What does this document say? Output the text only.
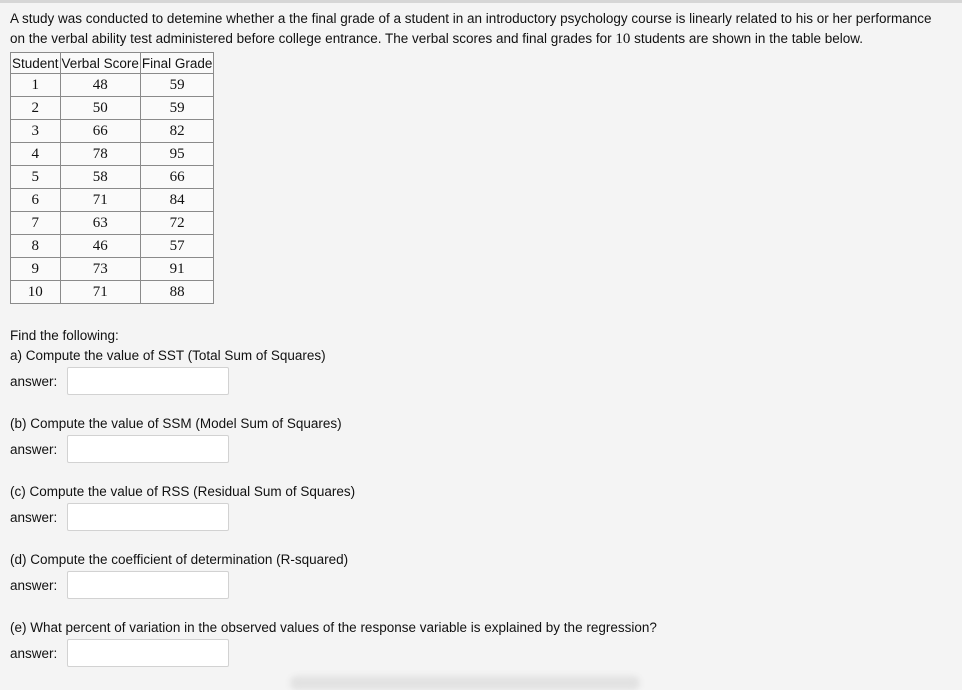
A study was conducted to detemine whether a the final grade of a student in an introductory psychology course is linearly related to his or her performance on the verbal ability test administered before college entrance. The verbal scores and final grades for 10 students are shown in the table below.

Student	Verbal Score	Final Grade
1	48	59
2	50	59
3	66	82
4	78	95
5	58	66
6	71	84
7	63	72
8	46	57
9	73	91
10	71	88
Find the following:
a) Compute the value of SST (Total Sum of Squares)
answer:
(b) Compute the value of SSM (Model Sum of Squares)
answer:
(c) Compute the value of RSS (Residual Sum of Squares)
answer:
(d) Compute the coefficient of determination (R-squared)
answer:
(e) What percent of variation in the observed values of the response variable is explained by the regression?
answer:
